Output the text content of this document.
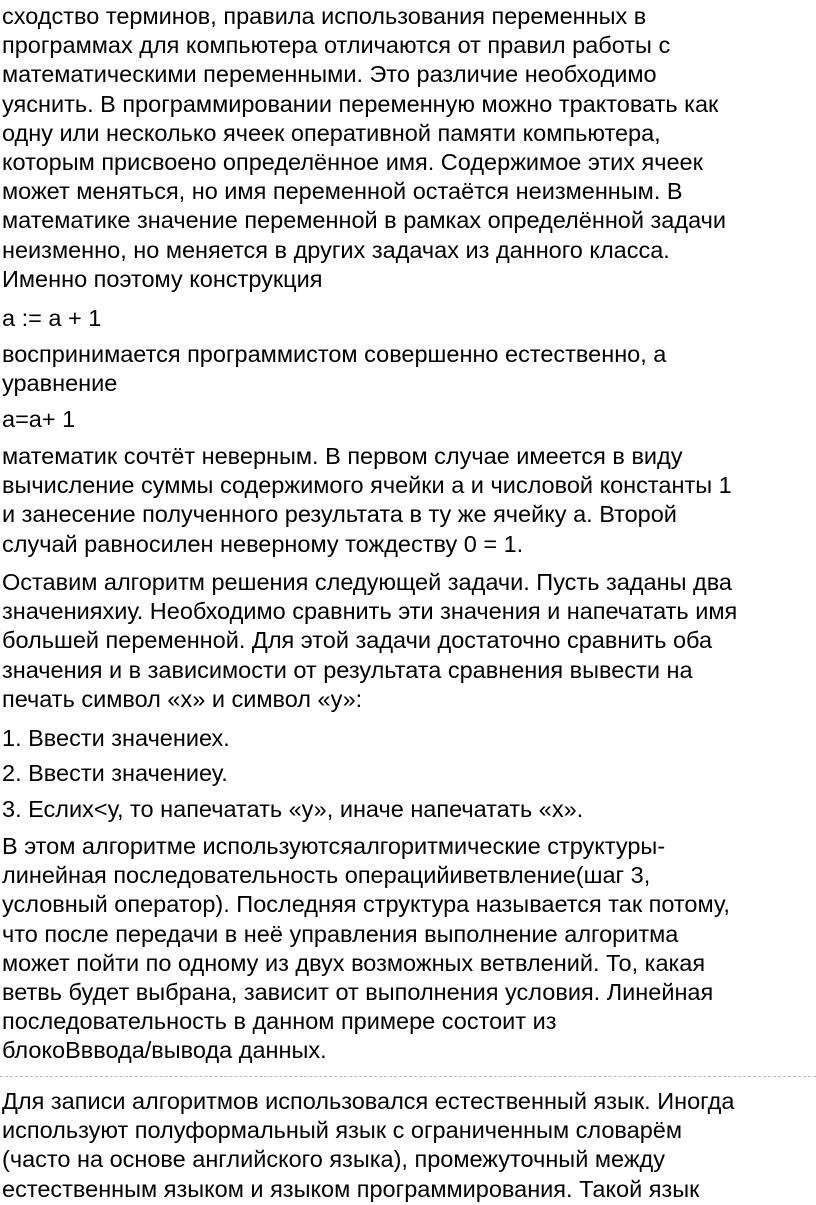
сходство терминов, правила использования переменных в
программах для компьютера отличаются от правил работы с
математическими переменными. Это различие необходимо
уяснить. В программировании переменную можно трактовать как
одну или несколько ячеек оперативной памяти компьютера,
которым присвоено определённое имя. Содержимое этих ячеек
может меняться, но имя переменной остаётся неизменным. В
математике значение переменной в рамках определённой задачи
неизменно, но меняется в других задачах из данного класса.
Именно поэтому конструкция

a := a + 1

воспринимается программистом совершенно естественно, а
уравнение

a=a+ 1

математик сочтёт неверным. В первом случае имеется в виду
вычисление суммы содержимого ячейки a и числовой константы 1
и занесение полученного результата в ту же ячейку a. Второй
случай равносилен неверному тождеству 0 = 1.

Оставим алгоритм решения следующей задачи. Пусть заданы два
значенияхиу. Необходимо сравнить эти значения и напечатать имя
большей переменной. Для этой задачи достаточно сравнить оба
значения и в зависимости от результата сравнения вывести на
печать символ «х» и символ «у»:

1. Ввести значениех.

2. Ввести значениеу.

3. Еслих<у, то напечатать «у», иначе напечатать «х».

В этом алгоритме используютсяалгоритмические структуры-
линейная последовательность операцийиветвление(шаг 3,
условный оператор). Последняя структура называется так потому,
что после передачи в неё управления выполнение алгоритма
может пойти по одному из двух возможных ветвлений. То, какая
ветвь будет выбрана, зависит от выполнения условия. Линейная
последовательность в данном примере состоит из
блокоВвводa/вывода данных.

Для записи алгоритмов использовался естественный язык. Иногда
используют полуформальный язык с ограниченным словарём
(часто на основе английского языка), промежуточный между
естественным языком и языком программирования. Такой язык
